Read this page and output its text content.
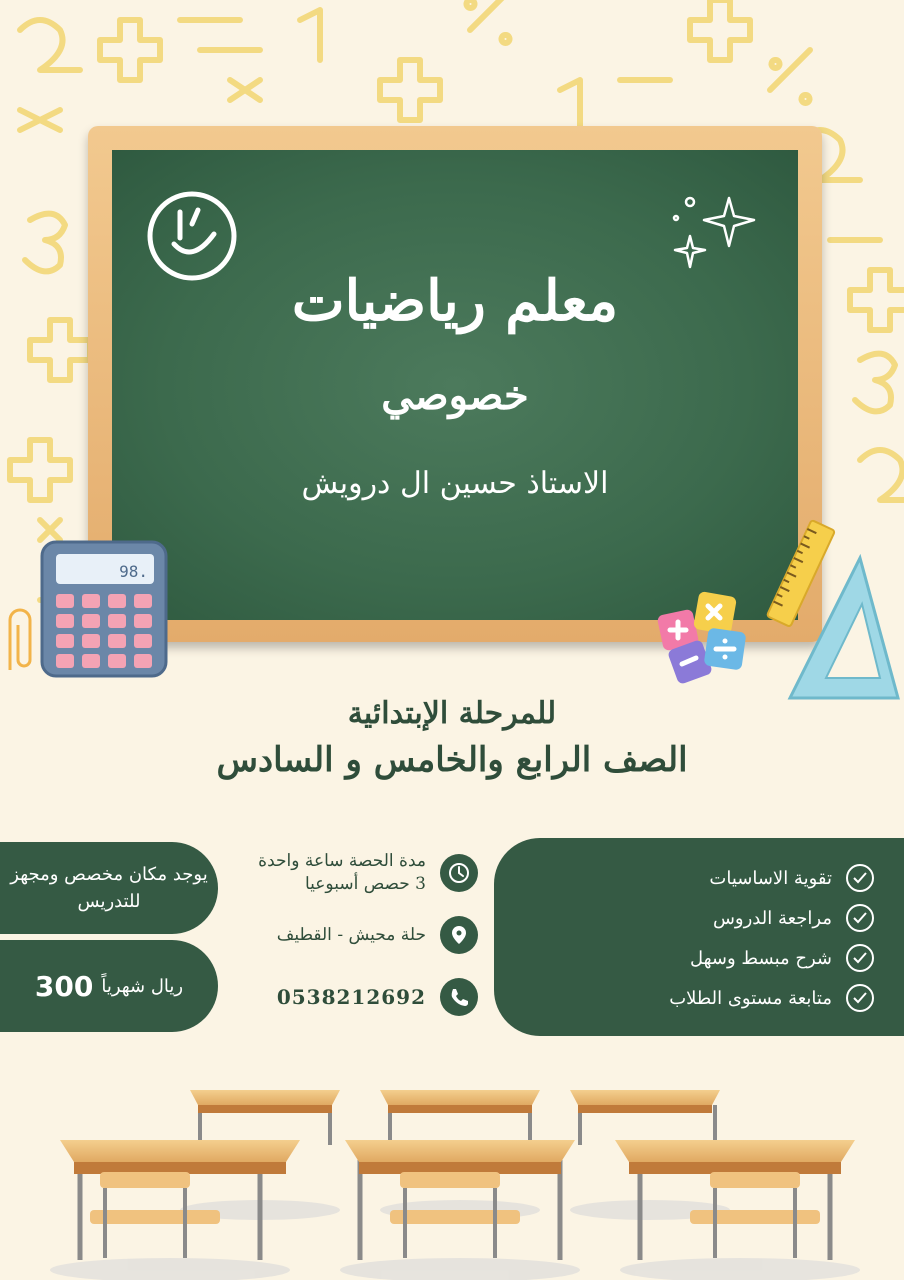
معلم رياضيات
خصوصي
الاستاذ حسين ال درويش
98.
للمرحلة الإبتدائية
الصف الرابع والخامس و السادس
يوجد مكان مخصص ومجهز للتدريس
ريال شهرياً
300
مدة الحصة ساعة واحدة
3 حصص أسبوعيا
حلة محيش - القطيف
0538212692
تقوية الاساسيات
مراجعة الدروس
شرح مبسط وسهل
متابعة مستوى الطلاب
